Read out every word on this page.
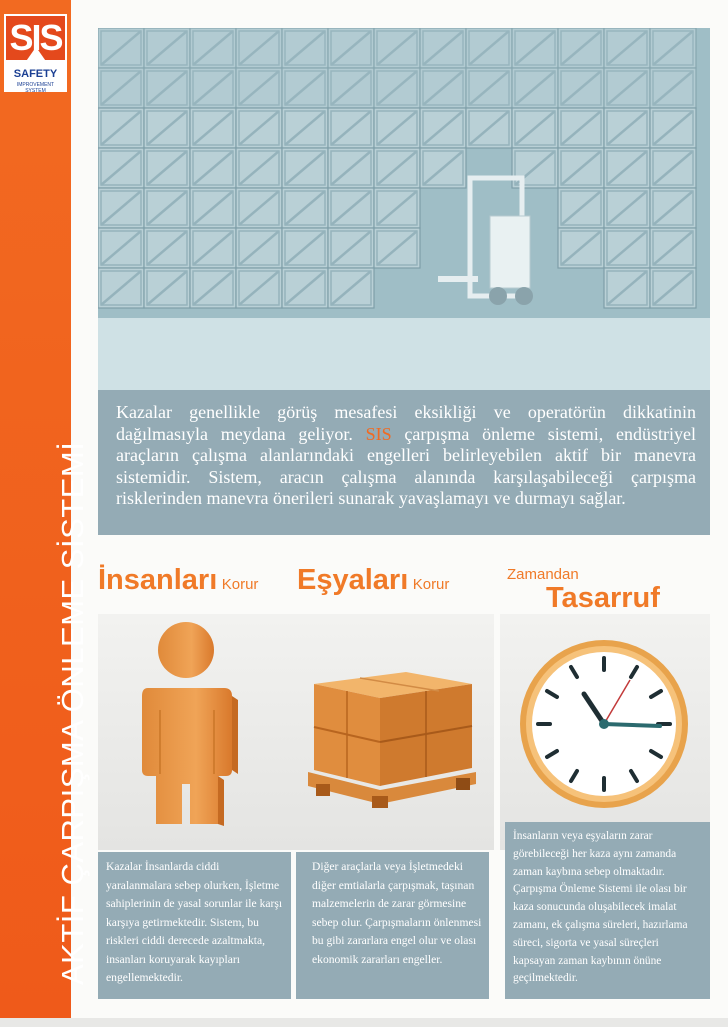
SIS
SAFETY
IMPROVEMENT SYSTEM
AKTİF ÇARPIŞMA ÖNLEME SİSTEMİ

Kazalar genellikle görüş mesafesi eksikliği ve operatörün dikkatinin dağılmasıyla meydana geliyor. SIS çarpışma önleme sistemi, endüstriyel araçların çalışma alanlarındaki engelleri belirleyebilen aktif bir manevra sistemidir. Sistem, aracın çalışma alanında karşılaşabileceği çarpışma risklerinden manevra önerileri sunarak yavaşlamayı ve durmayı sağlar.

İnsanları Korur Eşyaları Korur
Zamandan
Tasarruf
Kazalar İnsanlarda ciddi yaralanmalara sebep olurken, İşletme sahiplerinin de yasal sorunlar ile karşı karşıya getirmektedir. Sistem, bu riskleri ciddi derecede azaltmakta, insanları koruyarak kayıpları engellemektedir.
Diğer araçlarla veya İşletmedeki diğer emtialarla çarpışmak, taşınan malzemelerin de zarar görmesine sebep olur. Çarpışmaların önlenmesi bu gibi zararlara engel olur ve olası ekonomik zararları engeller.
İnsanların veya eşyaların zarar görebileceği her kaza aynı zamanda zaman kaybına sebep olmaktadır. Çarpışma Önleme Sistemi ile olası bir kaza sonucunda oluşabilecek imalat zamanı, ek çalışma süreleri, hazırlama süreci, sigorta ve yasal süreçleri kapsayan zaman kaybının önüne geçilmektedir.
